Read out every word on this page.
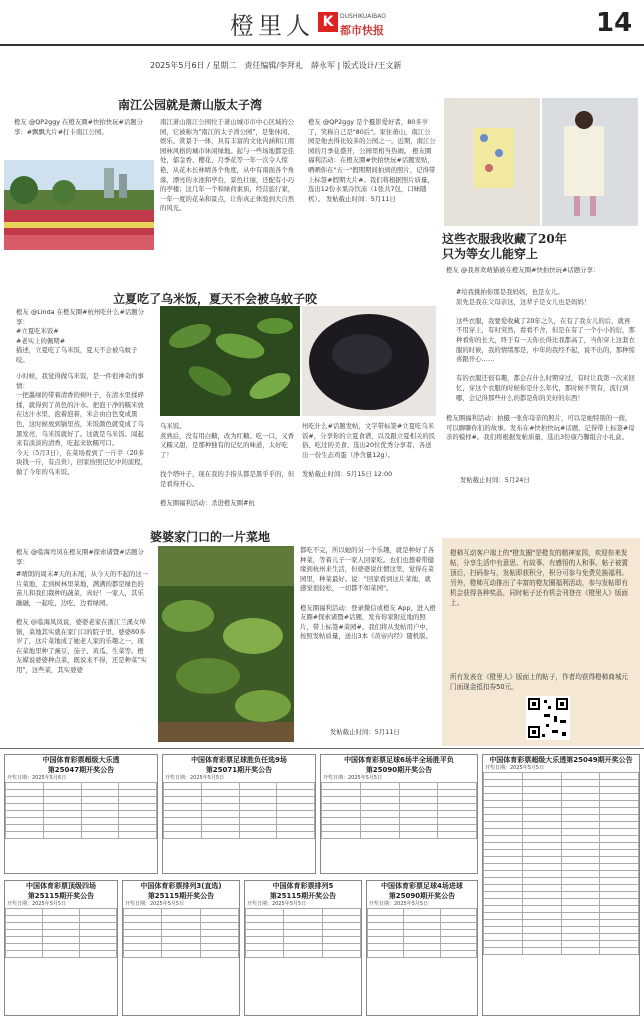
橙里人 K	DUSHIKUAIBAO
都市快报	14
2025年5月6日 / 星期二　责任编辑/李拜礼　薛永军 | 版式设计/王文新
南江公园就是萧山版太子湾
橙友 @QP2ggy 在橙友圈#快拍快玩#话题分享：#飘飘大片#打卡南江公园。
南江萧山南江公园位于萧山城市市中心区域的公园，它被称为"南江的太子湾公园"，是集休闲、娱乐、赏景于一体，具有丰富的文化内涵和江南园林风格的城市休闲绿地。起与一些场地都是佳处，郁金香、樱花、月季花等一年一次令人惊艳，从花木长林晴各个角度，从中有南面各个角落，漂亮的水池和亭台，景色壮丽，还配有小巧的亭楼；这几年一个和绿荷素质，经营旅行家，一年一度的花朵和景点，让你真正体验到大自然的风光。
橙友 @QP2ggy 是个摄影爱好者，80多岁了，笑称自己是"80后"。家住萧山，南江公园是他去得比较多的公园之一。近期，南江公园的月季花盛开，公园里相当热闹。 橙友圈福利活动：在橙友圈#快拍快玩#话题发贴，晒晒你在"五一"假期期间拍到的照片，记得带上标签#假期大片#。我们将根据照片质量，选出12份水果冷饮冻（1张共7包，口味随机）。 发帖截止时间：5月11日
这些衣服我收藏了20年
只为等女儿能穿上
橙友 @我喜欢萌猫被在橙友圈#快拍快玩#话题分享：
#给我挑拍你那是我妈妈，也是女儿。
原先是我在父母亲这，这辈子是女儿也是妈妈！

这些衣服，我要爱收藏了20年之久，在有了我女儿的后，就再不用穿上，有时突然，看看不舍，但是在有了一个小小的衍，那种看你的长大，终于有一天你长得比我都高了，当你穿上这套衣服的时候，我的情绪那是，中年的我经不起，说不出的，那种惊喜跟开心……

有的衣服还很有趣，都会在什么时期穿过，有时让我第一次来回忆，穿这个衣服的时候你是什么年代，那时候不管有，流行到哪，会记得那些什么的都是你的美好的东西！
橙友圈福利活动：拍摄一张你母亲的照片，可以是她特别的一面，可以聊聊你们的故事。发布在#快拍快玩#话题，记得带上标签#母亲的模样#。我们将根据发帖质量，选出3份康乃馨组合小礼盒。
发帖截止时间：5月24日
立夏吃了乌米饭，夏天不会被乌蚊子咬
橙友 @Linda 在橙友圈#杭州吃什么#话题分享：
#立夏吃米饭#
#老实上的佩期#
描述，立夏吃了乌米饭，夏天不会被乌蚊子咬。
小时候，我觉得做乌米饭，是一件很神奇的事情：
一把墨绿的带着清香的树叶子，在清水里揉碎揉，就得到了黄色的汁水。把泡干净的糯米放在这汁水里，泡着泡着，米会由白色变成黑色，这时候放到锅里蒸，米饭颜色就变成了乌黑发亮，乌米饭就好了。这就是乌米饭。闻起来有淡淡的清香，吃起来软糯可口。
今天（5月3日），在菜场看到了一斤半（20多块钱一斤，有点贵），回家按照记忆中的流程，做了今年的乌米饭。
乌米饭。
煮熟后，没有用白糖，改为红糖。吃一口，又香又糯又甜，是那种独有的记忆的味道，太好吃了！

找个塔叶子，现在我的手指头都是黑乎乎的，但是看得开心。

橙友圈福利活动：杀进橙友圈#杭
州吃什么#话题发帖，文字带标签#立夏吃乌米饭#，分享你的立夏食谱，以及跟立夏相关的民俗、吃过的美食、选出20位优秀分享者，各送出一份生态鸡蛋（净含量12g）。

发帖截止时间：5月15日 12:00
婆婆家门口的一片菜地
橙友 @临海弯凤在橙友圈#探索诸暨#话题分享：
#晴朗的周末#天的末尾，从今天的不起的这一片菜地，走到树林里菜地，满满的都是绿色的苗儿和我们栽种的蔬菜，真好！一家人，其乐融融，一起吃，边吃，边看绿园。

橙友 @临海凤凤说，婆婆老家在浙江兰溪女埠镇，菜地其实就在家门口的院子里，婆婆80多岁了，这片菜地成了她老人家的乐趣之一，现在菜地里种了豌豆、茄子、黄瓜、生菜等。橙友媒说婆婆种点菜，既说来不得，还是种菜"实用"，这些菜，其实婆婆
都吃不完，所以她的另一个乐趣，就是种好了各种菜，等着儿子一家人回家吃。也们也想着带健缘到杭州来生活，但婆婆说住惯这里，觉得在菜园里，种菜最好。说："回家看到这片菜地，就感觉很轻松，一切都不如菜园"。

橙友圈福利活动：登录微信或橙友 App，进入橙友圈#探索诸暨#话题，发布你家附近地的照片，带上标签#菜园#。我们将从发帖用户中，按照发帖质量，送出3本《黄帝内经》随机版。
发帖截止时间：5月11日
橙柿互动客户端上的"橙友圈"是橙友的精神家园，欢迎你来发帖，分享生活中有意思、有故事、有感悟的人和事。帖子被置顶后，扫码参与，发帖即获积分，积分可参与免费兑换福利。另外，橙柿互动推出了丰富的橙友圈福利活动，参与发帖即有机会获得各种奖品，同时帖子还有机会刊登在《橙里人》版面上。
所有发表在《橙里人》版面上的帖子，作者均获得橙柿商城元门面现金抵扣券50元。
中国体育彩票超级大乐透
第25047期开奖公告
开奖日期：2025年5月6日

中国体育彩票足球胜负任选9场
第25071期开奖公告
开奖日期：2025年5月5日

中国体育彩票足球6场半全场胜平负
第25090期开奖公告
开奖日期：2025年5月5日

中国体育彩票超级大乐透第25049期开奖公告
开奖日期：2025年5月5日

中国体育彩票顶级四场
第25115期开奖公告
开奖日期：2025年5月5日

中国体育彩票排列3(直选)
第25115期开奖公告
开奖日期：2025年5月5日

中国体育彩票排列5
第25115期开奖公告
开奖日期：2025年5月5日

中国体育彩票足球4场进球
第25090期开奖公告
开奖日期：2025年5月5日
